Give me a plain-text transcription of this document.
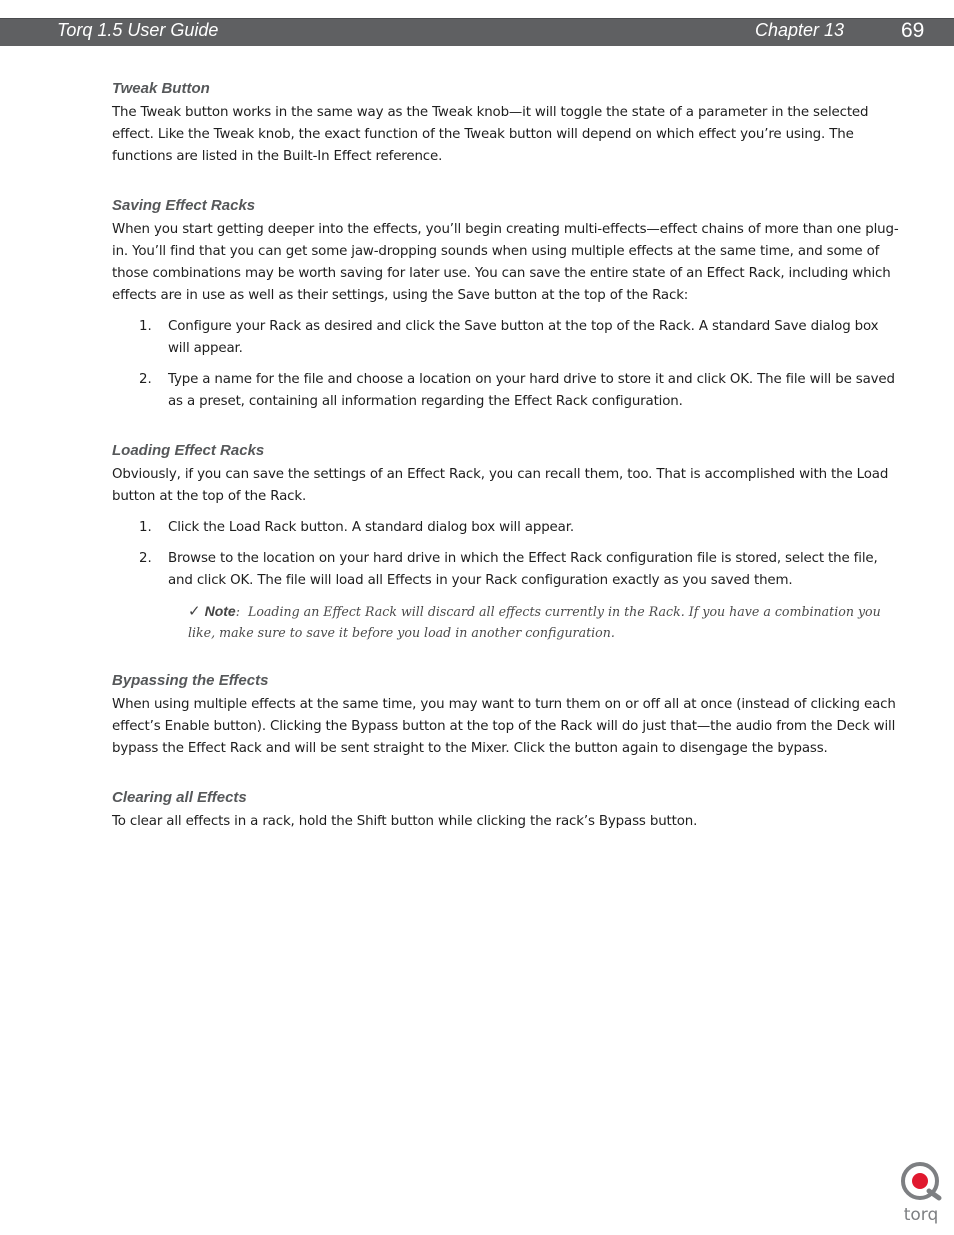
Torq 1.5 User Guide	Chapter 13	69
Tweak Button

The Tweak button works in the same way as the Tweak knob—it will toggle the state of a parameter in the selected effect. Like the Tweak knob, the exact function of the Tweak button will depend on which effect you’re using. The functions are listed in the Built-In Effect reference.

Saving Effect Racks

When you start getting deeper into the effects, you’ll begin creating multi-effects—effect chains of more than one plug-in. You’ll find that you can get some jaw-dropping sounds when using multiple effects at the same time, and some of those combinations may be worth saving for later use. You can save the entire state of an Effect Rack, including which effects are in use as well as their settings, using the Save button at the top of the Rack:

1. Configure your Rack as desired and click the Save button at the top of the Rack. A standard Save dialog box will appear.

2. Type a name for the file and choose a location on your hard drive to store it and click OK. The file will be saved as a preset, containing all information regarding the Effect Rack configuration.

Loading Effect Racks

Obviously, if you can save the settings of an Effect Rack, you can recall them, too. That is accomplished with the Load button at the top of the Rack.

1. Click the Load Rack button. A standard dialog box will appear.

2. Browse to the location on your hard drive in which the Effect Rack configuration file is stored, select the file, and click OK. The file will load all Effects in your Rack configuration exactly as you saved them.

✓ Note:  Loading an Effect Rack will discard all effects currently in the Rack. If you have a combination you like, make sure to save it before you load in another configuration.

Bypassing the Effects

When using multiple effects at the same time, you may want to turn them on or off all at once (instead of clicking each effect’s Enable button). Clicking the Bypass button at the top of the Rack will do just that—the audio from the Deck will bypass the Effect Rack and will be sent straight to the Mixer. Click the button again to disengage the bypass.

Clearing all Effects

To clear all effects in a rack, hold the Shift button while clicking the rack’s Bypass button.

torq
